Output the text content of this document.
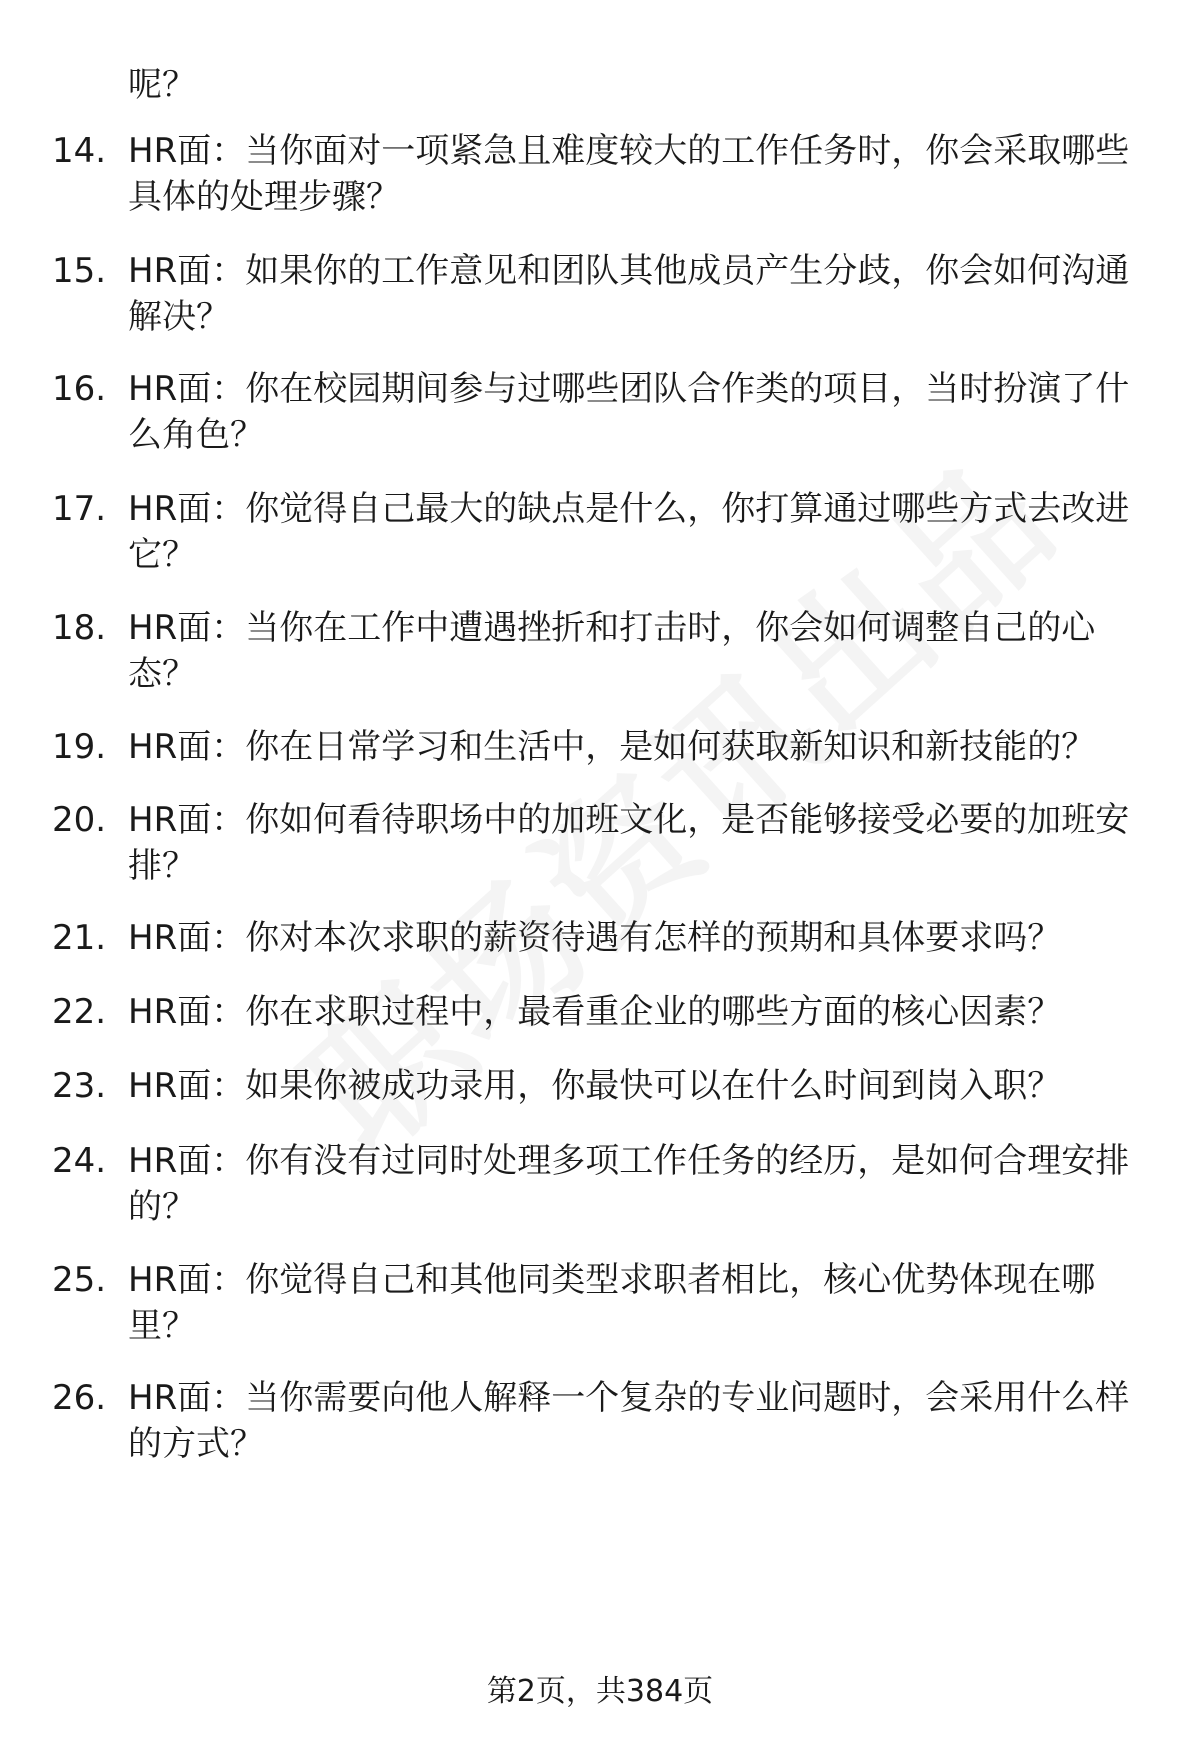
呢？
14. HR面：当你面对一项紧急且难度较大的工作任务时，你会采取哪些具体的处理步骤？
15. HR面：如果你的工作意见和团队其他成员产生分歧，你会如何沟通解决？
16. HR面：你在校园期间参与过哪些团队合作类的项目，当时扮演了什么角色？
17. HR面：你觉得自己最大的缺点是什么，你打算通过哪些方式去改进它？
18. HR面：当你在工作中遭遇挫折和打击时，你会如何调整自己的心态？
19. HR面：你在日常学习和生活中，是如何获取新知识和新技能的？
20. HR面：你如何看待职场中的加班文化，是否能够接受必要的加班安排？
21. HR面：你对本次求职的薪资待遇有怎样的预期和具体要求吗？
22. HR面：你在求职过程中，最看重企业的哪些方面的核心因素？
23. HR面：如果你被成功录用，你最快可以在什么时间到岗入职？
24. HR面：你有没有过同时处理多项工作任务的经历，是如何合理安排的？
25. HR面：你觉得自己和其他同类型求职者相比，核心优势体现在哪里？
26. HR面：当你需要向他人解释一个复杂的专业问题时，会采用什么样的方式？
第2页，共384页
